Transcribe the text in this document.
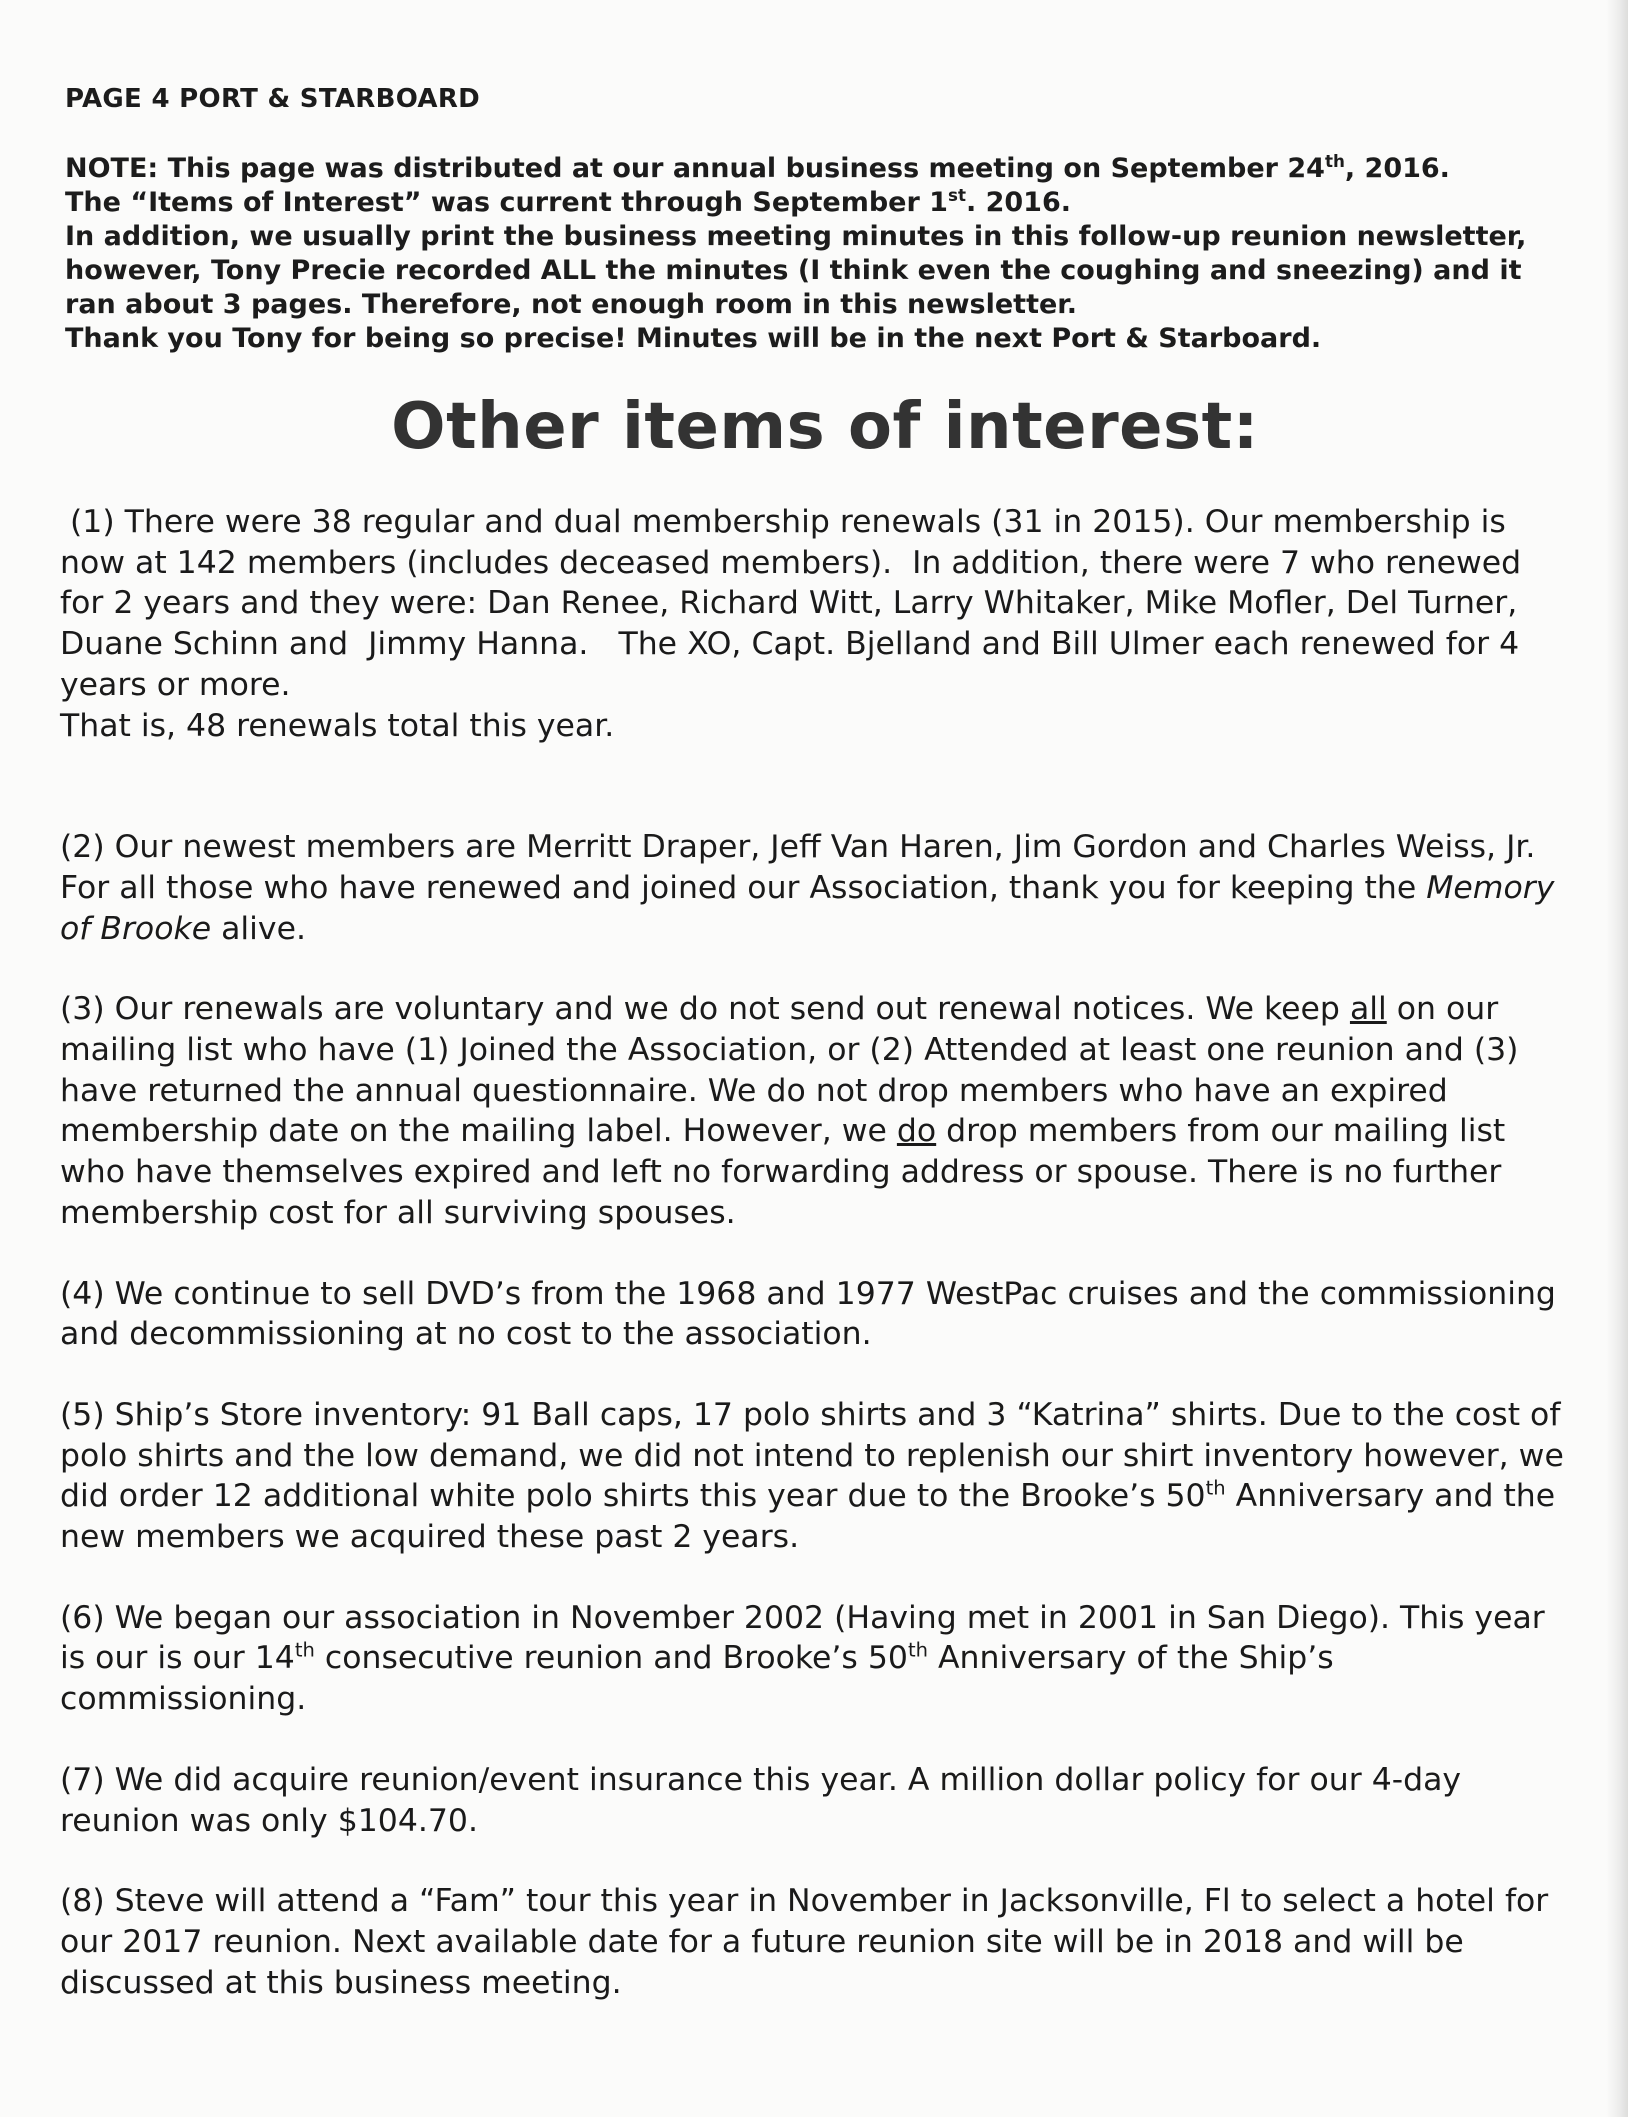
PAGE 4 PORT & STARBOARD

NOTE: This page was distributed at our annual business meeting on September 24th, 2016.

The “Items of Interest” was current through September 1st. 2016.

In addition, we usually print the business meeting minutes in this follow-up reunion newsletter, however, Tony Precie recorded ALL the minutes (I think even the coughing and sneezing) and it ran about 3 pages. Therefore, not enough room in this newsletter.

Thank you Tony for being so precise! Minutes will be in the next Port & Starboard.

Other items of interest:

(1) There were 38 regular and dual membership renewals (31 in 2015). Our membership is now at 142 members (includes deceased members).  In addition, there were 7 who renewed for 2 years and they were: Dan Renee, Richard Witt, Larry Whitaker, Mike Mofler, Del Turner, Duane Schinn and  Jimmy Hanna.   The XO, Capt. Bjelland and Bill Ulmer each renewed for 4 years or more.

That is, 48 renewals total this year.

(2) Our newest members are Merritt Draper, Jeff Van Haren, Jim Gordon and Charles Weiss, Jr.

For all those who have renewed and joined our Association, thank you for keeping the Memory of Brooke alive.

(3) Our renewals are voluntary and we do not send out renewal notices. We keep all on our mailing list who have (1) Joined the Association, or (2) Attended at least one reunion and (3) have returned the annual questionnaire. We do not drop members who have an expired membership date on the mailing label. However, we do drop members from our mailing list who have themselves expired and left no forwarding address or spouse. There is no further membership cost for all surviving spouses.

(4) We continue to sell DVD’s from the 1968 and 1977 WestPac cruises and the commissioning and decommissioning at no cost to the association.

(5) Ship’s Store inventory: 91 Ball caps, 17 polo shirts and 3 “Katrina” shirts. Due to the cost of polo shirts and the low demand, we did not intend to replenish our shirt inventory however, we did order 12 additional white polo shirts this year due to the Brooke’s 50th Anniversary and the new members we acquired these past 2 years.

(6) We began our association in November 2002 (Having met in 2001 in San Diego). This year is our is our 14th consecutive reunion and Brooke’s 50th Anniversary of the Ship’s commissioning.

(7) We did acquire reunion/event insurance this year. A million dollar policy for our 4-day reunion was only $104.70.

(8) Steve will attend a “Fam” tour this year in November in Jacksonville, Fl to select a hotel for our 2017 reunion. Next available date for a future reunion site will be in 2018 and will be discussed at this business meeting.
